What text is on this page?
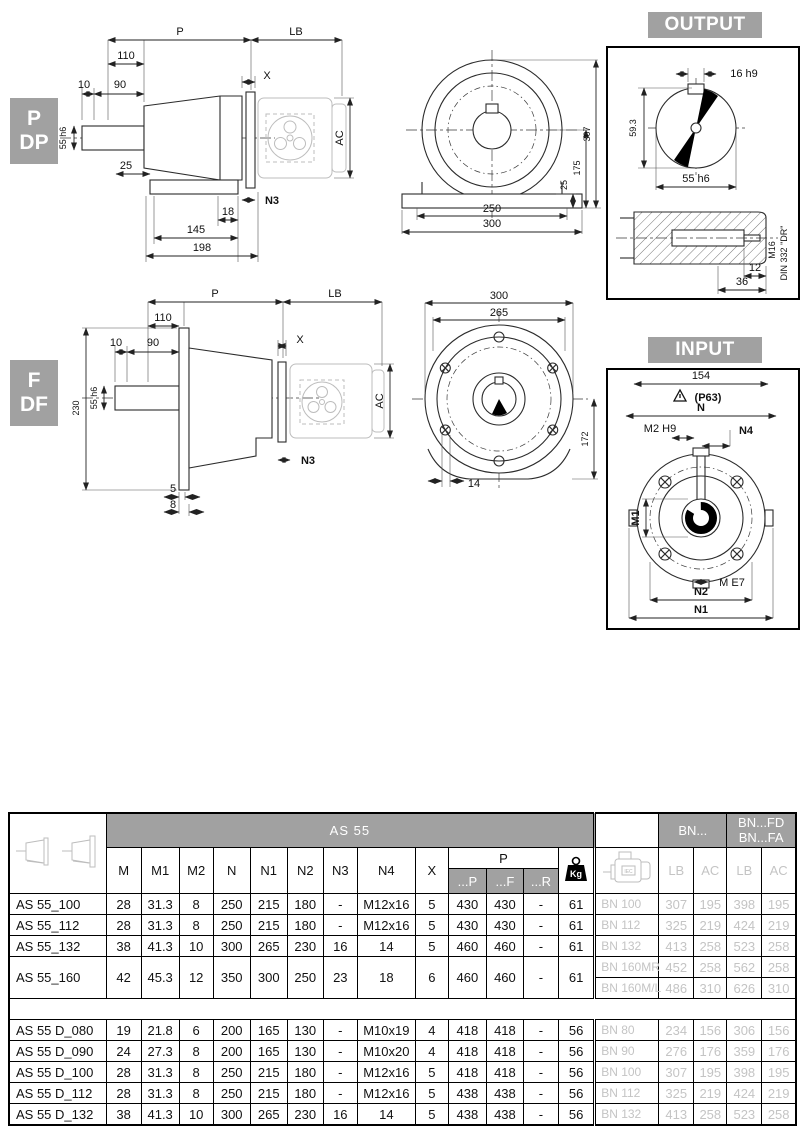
P
DP
F
DF
OUTPUT
INPUT
P	LB
110
X
10 90
55 h6
25
N3
18
145
198
AC
250
300
25
175
307
16 h9
59.3
55 h6
12
36
M16 DIN 332 "DR"
P	LB
110
10 90	X
55 h6
230	AC
N3
5
8
300
265
172
14
154
(P63)
N
M2 H9	N4
M1
M E7
N2
N1
	AS 55														BN...		BN...FD
BN...FA	

	M	M1	M2	N	N1	N2	N3	N4	X	P			Kg	IEC	LB	AC	LB	AC
										...P	...F	...R						
AS 55_100	28	31.3	8	250	215	180	-	M12x16	5	430	430	-	61	BN 100	307	195	398	195
AS 55_112	28	31.3	8	250	215	180	-	M12x16	5	430	430	-	61	BN 112	325	219	424	219
AS 55_132	38	41.3	10	300	265	230	16	14	5	460	460	-	61	BN 132	413	258	523	258
AS 55_160	42	45.3	12	350	300	250	23	18	6	460	460	-	61	BN 160MR	452	258	562	258
														BN 160M/L	486	310	626	310

AS 55 D_080	19	21.8	6	200	165	130	-	M10x19	4	418	418	-	56	BN 80	234	156	306	156
AS 55 D_090	24	27.3	8	200	165	130	-	M10x20	4	418	418	-	56	BN 90	276	176	359	176
AS 55 D_100	28	31.3	8	250	215	180	-	M12x16	5	418	418	-	56	BN 100	307	195	398	195
AS 55 D_112	28	31.3	8	250	215	180	-	M12x16	5	438	438	-	56	BN 112	325	219	424	219
AS 55 D_132	38	41.3	10	300	265	230	16	14	5	438	438	-	56	BN 132	413	258	523	258
